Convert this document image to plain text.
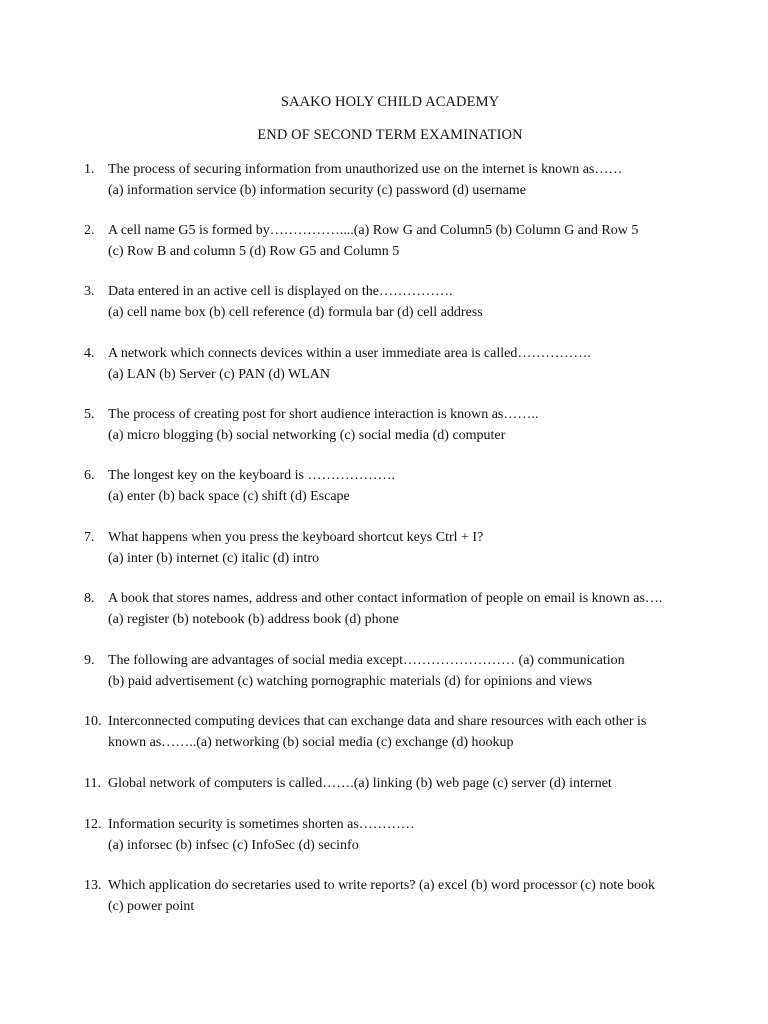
SAAKO HOLY CHILD ACADEMY
END OF SECOND TERM EXAMINATION
1. The process of securing information from unauthorized use on the internet is known as……
(a) information service (b) information security (c) password (d) username
2. A cell name G5 is formed by……………....(a) Row G and Column5 (b) Column G and Row 5
(c) Row B and column 5 (d) Row G5 and Column 5
3. Data entered in an active cell is displayed on the…………….
(a) cell name box (b) cell reference (d) formula bar (d) cell address
4. A network which connects devices within a user immediate area is called…………….
(a) LAN (b) Server (c) PAN (d) WLAN
5. The process of creating post for short audience interaction is known as……..
(a) micro blogging (b) social networking (c) social media (d) computer
6. The longest key on the keyboard is ……………….
(a) enter (b) back space (c) shift (d) Escape
7. What happens when you press the keyboard shortcut keys Ctrl + I?
(a) inter (b) internet (c) italic (d) intro
8. A book that stores names, address and other contact information of people on email is known as….
(a) register (b) notebook (b) address book (d) phone
9. The following are advantages of social media except…………………… (a) communication
(b) paid advertisement (c) watching pornographic materials (d) for opinions and views
10. Interconnected computing devices that can exchange data and share resources with each other is
known as……..(a) networking (b) social media (c) exchange (d) hookup
11. Global network of computers is called…….(a) linking (b) web page (c) server (d) internet
12. Information security is sometimes shorten as…………
(a) inforsec (b) infsec (c) InfoSec (d) secinfo
13. Which application do secretaries used to write reports? (a) excel (b) word processor (c) note book
(c) power point
